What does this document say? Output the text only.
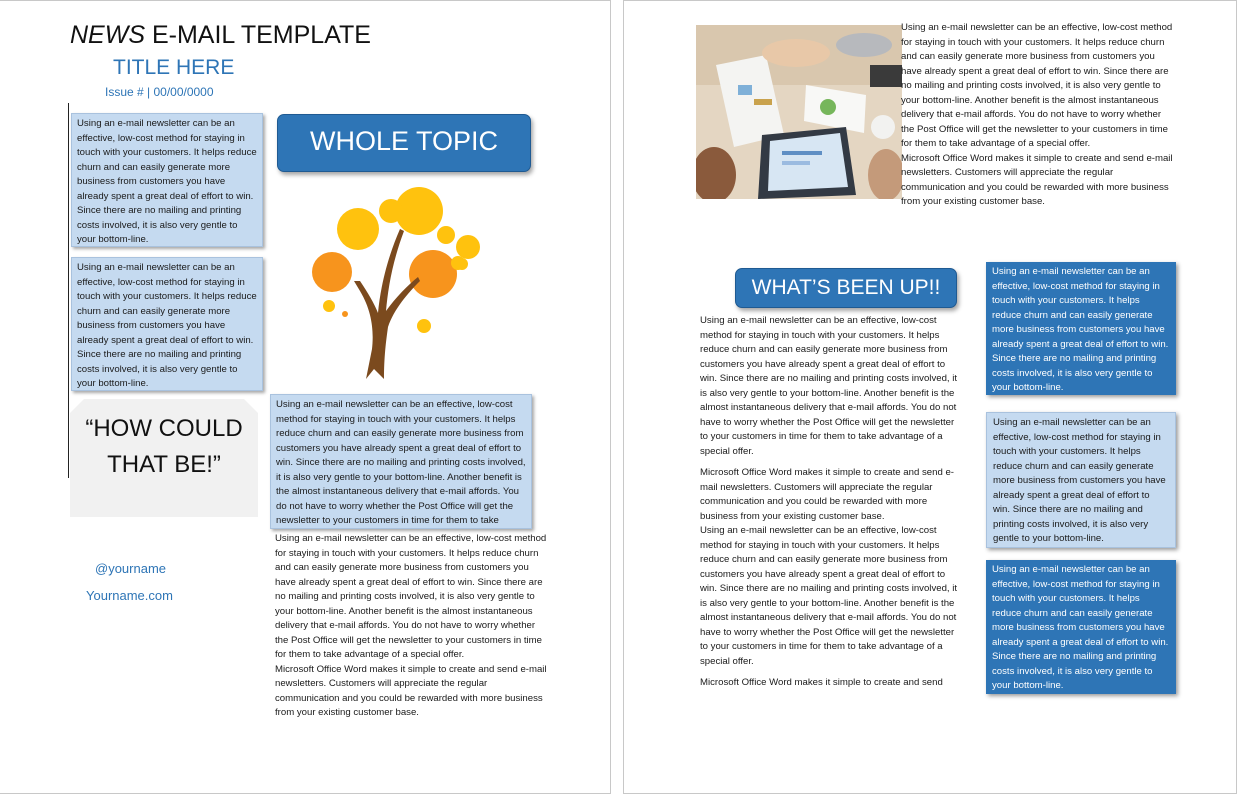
NEWS E-MAIL TEMPLATE
TITLE HERE
Issue # | 00/00/0000
Using an e-mail newsletter can be an effective, low-cost method for staying in touch with your customers. It helps reduce churn and can easily generate more business from customers you have already spent a great deal of effort to win. Since there are no mailing and printing costs involved, it is also very gentle to your bottom-line.
Using an e-mail newsletter can be an effective, low-cost method for staying in touch with your customers. It helps reduce churn and can easily generate more business from customers you have already spent a great deal of effort to win. Since there are no mailing and printing costs involved, it is also very gentle to your bottom-line.
“HOW COULD THAT BE!”
@yourname
Yourname.com
WHOLE TOPIC
Using an e-mail newsletter can be an effective, low-cost method for staying in touch with your customers. It helps reduce churn and can easily generate more business from customers you have already spent a great deal of effort to win. Since there are no mailing and printing costs involved, it is also very gentle to your bottom-line. Another benefit is the almost instantaneous delivery that e-mail affords. You do not have to worry whether the Post Office will get the newsletter to your customers in time for them to take

Using an e-mail newsletter can be an effective, low-cost method for staying in touch with your customers. It helps reduce churn and can easily generate more business from customers you have already spent a great deal of effort to win. Since there are no mailing and printing costs involved, it is also very gentle to your bottom-line. Another benefit is the almost instantaneous delivery that e-mail affords. You do not have to worry whether the Post Office will get the newsletter to your customers in time for them to take advantage of a special offer.

Microsoft Office Word makes it simple to create and send e-mail newsletters. Customers will appreciate the regular communication and you could be rewarded with more business from your existing customer base.

Using an e-mail newsletter can be an effective, low-cost method for staying in touch with your customers. It helps reduce churn and can easily generate more business from customers you have already spent a great deal of effort to win. Since there are no mailing and printing costs involved, it is also very gentle to your bottom-line. Another benefit is the almost instantaneous delivery that e-mail affords. You do not have to worry whether the Post Office will get the newsletter to your customers in time for them to take advantage of a special offer.

Microsoft Office Word makes it simple to create and send e-mail newsletters. Customers will appreciate the regular communication and you could be rewarded with more business from your existing customer base.

WHAT’S BEEN UP!!

Using an e-mail newsletter can be an effective, low-cost method for staying in touch with your customers. It helps reduce churn and can easily generate more business from customers you have already spent a great deal of effort to win. Since there are no mailing and printing costs involved, it is also very gentle to your bottom-line. Another benefit is the almost instantaneous delivery that e-mail affords. You do not have to worry whether the Post Office will get the newsletter to your customers in time for them to take advantage of a special offer.

Microsoft Office Word makes it simple to create and send e-mail newsletters. Customers will appreciate the regular communication and you could be rewarded with more business from your existing customer base.

Using an e-mail newsletter can be an effective, low-cost method for staying in touch with your customers. It helps reduce churn and can easily generate more business from customers you have already spent a great deal of effort to win. Since there are no mailing and printing costs involved, it is also very gentle to your bottom-line. Another benefit is the almost instantaneous delivery that e-mail affords. You do not have to worry whether the Post Office will get the newsletter to your customers in time for them to take advantage of a special offer.

Microsoft Office Word makes it simple to create and send

Using an e-mail newsletter can be an effective, low-cost method for staying in touch with your customers. It helps reduce churn and can easily generate more business from customers you have already spent a great deal of effort to win. Since there are no mailing and printing costs involved, it is also very gentle to your bottom-line.
Using an e-mail newsletter can be an effective, low-cost method for staying in touch with your customers. It helps reduce churn and can easily generate more business from customers you have already spent a great deal of effort to win. Since there are no mailing and printing costs involved, it is also very gentle to your bottom-line.
Using an e-mail newsletter can be an effective, low-cost method for staying in touch with your customers. It helps reduce churn and can easily generate more business from customers you have already spent a great deal of effort to win. Since there are no mailing and printing costs involved, it is also very gentle to your bottom-line.
